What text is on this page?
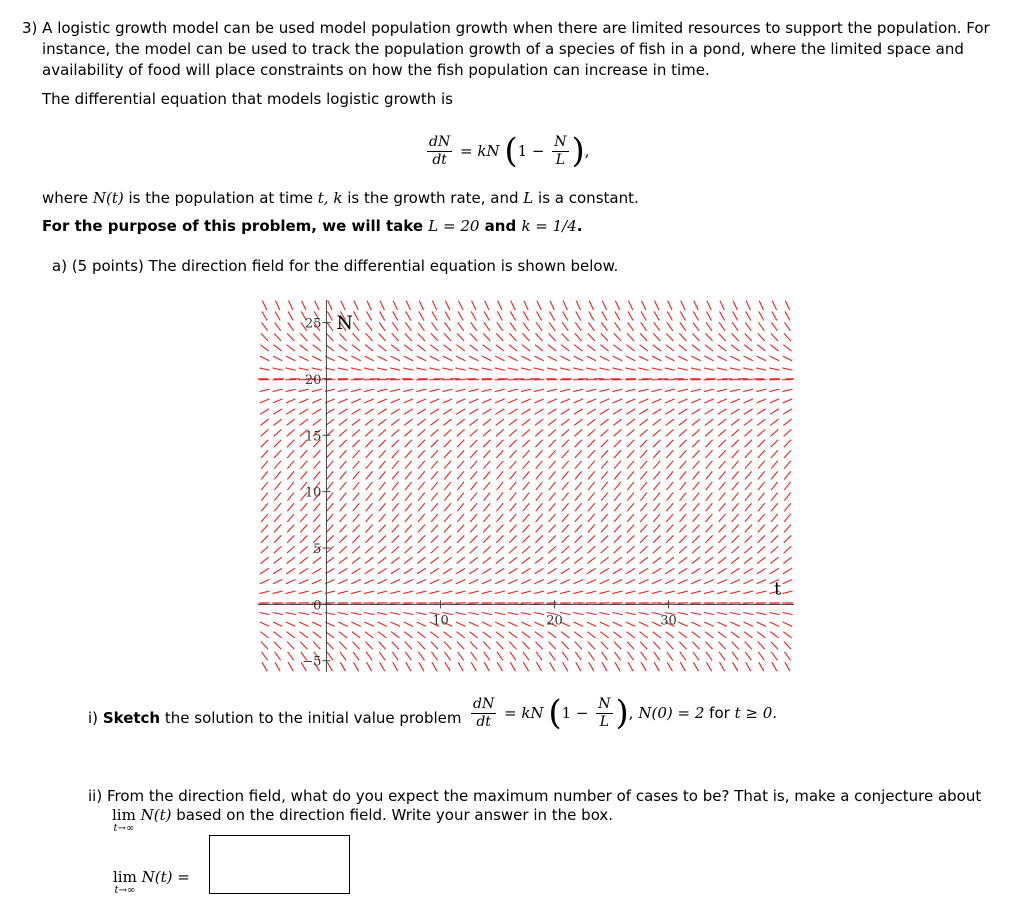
3) A logistic growth model can be used model population growth when there are limited resources to support the population. For
instance, the model can be used to track the population growth of a species of fish in a pond, where the limited space and
availability of food will place constraints on how the fish population can increase in time.
The differential equation that models logistic growth is
$\frac{dN}{dt}$ = kN ($1 - \frac{N}{L}$ ),
where N(t) is the population at time t, k is the growth rate, and L is a constant.
For the purpose of this problem, we will take L = 20 and k = 1/4.
a) (5 points) The direction field for the differential equation is shown below.
N
t
25
20
15
10
5
0
−5
10	20	30
i) Sketch the solution to the initial value problem $\frac{dN}{dt}$ = kN ($1 - \frac{N}{L}$ ), N(0) = 2 for t ≥ 0.
ii) From the direction field, what do you expect the maximum number of cases to be? That is, make a conjecture about
lim
t→∞
N(t) based on the direction field. Write your answer in the box.
lim
t→∞
N(t) =
